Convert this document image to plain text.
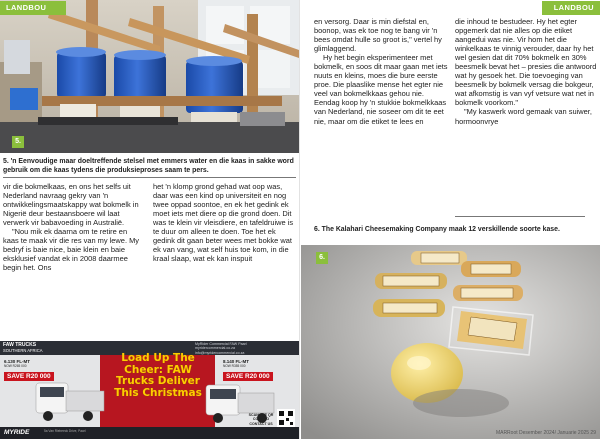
5.
LANDBOU
5. 'n Eenvoudige maar doeltreffende stelsel met emmers water en die kaas in sakke word gebruik om die kaas tydens die produksieproses saam te pers.

vir die bokmelkaas, en ons het selfs uit Nederland navraag gekry van 'n ontwikkelingsmaatskappy wat bokmelk in Nigerië deur bestaansboere wil laat verwerk vir babavoeding in Australië.

"Nou mik ek daarna om te retire en kaas te maak vir die res van my lewe. My bedryf is baie nice, baie klein en baie eksklusief vandat ek in 2008 daarmee begin het. Ons

het 'n klomp grond gehad wat oop was, daar was een kind op universiteit en nog twee oppad soontoe, en ek het gedink ek moet iets met diere op die grond doen. Dit was te klein vir vleisdiere, en tafeldruiwe is te duur om alleen te doen. Toe het ek gedink dit gaan beter wees met bokke wat ek van vang, wat self huis toe kom, in die kraal slaap, wat ek kan inspuit

FAW TRUCKS
SOUTHERN AFRICA
MyRider Commercial FAW Paarl
myridercommercial.co.za
info@myridercommercial.co.za
Load Up The Cheer: FAW Trucks Deliver This Christmas
6.130 FL-MT
NOW R265 000
SAVE R20 000
8.140 FL-MT
NOW R355 000
SAVE R20 000
SCAN THE QR CODE TO CONTACT US
MYRIDE	5a Van Riebeeck Drive, Paarl
LANDBOU

en versorg. Daar is min diefstal en, boonop, was ek toe nog te bang vir 'n bees omdat hulle so groot is," vertel hy glimlaggend.

Hy het begin eksperimenteer met bokmelk, en soos dit maar gaan met iets nuuts en kleins, moes die bure eerste proe. Die plaaslike mense het egter nie veel van bokmelkkaas gehou nie. Eendag koop hy 'n stukkie bokmelkkaas van Nederland, nie soseer om dit te eet nie, maar om die etiket te lees en

die inhoud te bestudeer. Hy het egter opgemerk dat nie alles op die etiket aangedui was nie. Vir hom het die winkelkaas te vinnig verouder, daar hy het wel gesien dat dit 70% bokmelk en 30% beesmelk bevat het – presies die antwoord wat hy gesoek het. Die toevoeging van beesmelk by bokmelk versag die bokgeur, wat afkomstig is van vyf vetsure wat net in bokmelk voorkom."

"My kaswerk word gemaak van suiwer, hormoonvrye

6. The Kalahari Cheesemaking Company maak 12 verskillende soorte kase.
6.
MARRoot Desember 2024/ Januarie 2025 29
